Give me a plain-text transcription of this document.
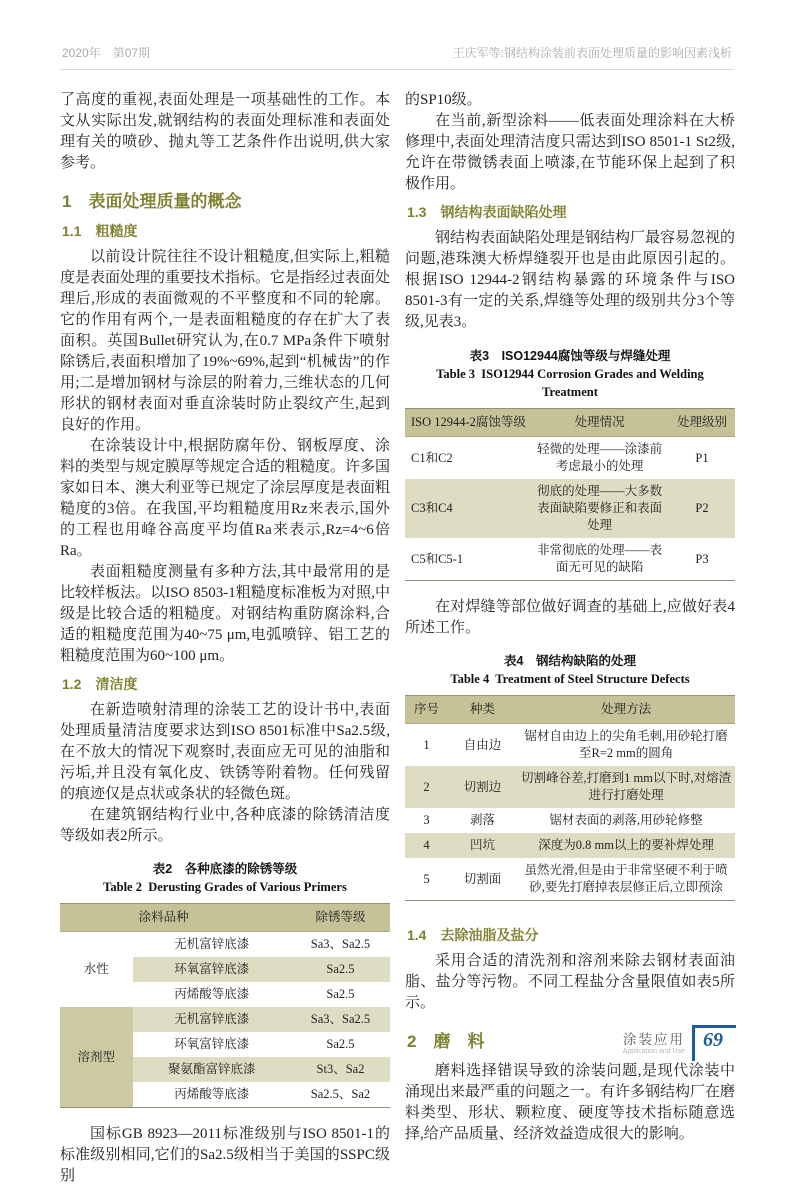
2020年　第07期	王庆军等:钢结构涂装前表面处理质量的影响因素浅析

了高度的重视,表面处理是一项基础性的工作。本文从实际出发,就钢结构的表面处理标准和表面处理有关的喷砂、抛丸等工艺条件作出说明,供大家参考。

1　表面处理质量的概念
1.1　粗糙度

以前设计院往往不设计粗糙度,但实际上,粗糙度是表面处理的重要技术指标。它是指经过表面处理后,形成的表面微观的不平整度和不同的轮廓。它的作用有两个,一是表面粗糙度的存在扩大了表面积。英国Bullet研究认为,在0.7 MPa条件下喷射除锈后,表面积增加了19%~69%,起到“机械齿”的作用;二是增加钢材与涂层的附着力,三维状态的几何形状的钢材表面对垂直涂装时防止裂纹产生,起到良好的作用。

在涂装设计中,根据防腐年份、钢板厚度、涂料的类型与规定膜厚等规定合适的粗糙度。许多国家如日本、澳大利亚等已规定了涂层厚度是表面粗糙度的3倍。在我国,平均粗糙度用Rz来表示,国外的工程也用峰谷高度平均值Ra来表示,Rz=4~6倍Ra。

表面粗糙度测量有多种方法,其中最常用的是比较样板法。以ISO 8503-1粗糙度标准板为对照,中级是比较合适的粗糙度。对钢结构重防腐涂料,合适的粗糙度范围为40~75 μm,电弧喷锌、铝工艺的粗糙度范围为60~100 μm。

1.2　清洁度

在新造喷射清理的涂装工艺的设计书中,表面处理质量清洁度要求达到ISO 8501标准中Sa2.5级,在不放大的情况下观察时,表面应无可见的油脂和污垢,并且没有氧化皮、铁锈等附着物。任何残留的痕迹仅是点状或条状的轻微色斑。

在建筑钢结构行业中,各种底漆的除锈清洁度等级如表2所示。

表2　各种底漆的除锈等级
Table 2  Derusting Grades of Various Primers
	涂料品种	除锈等级
水性	无机富锌底漆	Sa3、Sa2.5
	环氧富锌底漆	Sa2.5
	丙烯酸等底漆	Sa2.5
溶剂型	无机富锌底漆	Sa3、Sa2.5
	环氧富锌底漆	Sa2.5
	聚氨酯富锌底漆	St3、Sa2
	丙烯酸等底漆	Sa2.5、Sa2

国标GB 8923—2011标准级别与ISO 8501-1的标准级别相同,它们的Sa2.5级相当于美国的SSPC级别

的SP10级。

在当前,新型涂料——低表面处理涂料在大桥修理中,表面处理清洁度只需达到ISO 8501-1 St2级,允许在带微锈表面上喷漆,在节能环保上起到了积极作用。

1.3　钢结构表面缺陷处理

钢结构表面缺陷处理是钢结构厂最容易忽视的问题,港珠澳大桥焊缝裂开也是由此原因引起的。根据ISO 12944-2钢结构暴露的环境条件与ISO 8501-3有一定的关系,焊缝等处理的级别共分3个等级,见表3。

表3　ISO12944腐蚀等级与焊缝处理
Table 3  ISO12944 Corrosion Grades and Welding
Treatment
ISO 12944-2腐蚀等级	处理情况	处理级别
C1和C2	轻微的处理——涂漆前考虑最小的处理	P1
C3和C4	彻底的处理——大多数表面缺陷要修正和表面处理	P2
C5和C5-1	非常彻底的处理——表面无可见的缺陷	P3

在对焊缝等部位做好调查的基础上,应做好表4所述工作。

表4　钢结构缺陷的处理
Table 4  Treatment of Steel Structure Defects
序号	种类	处理方法
1	自由边	锯材自由边上的尖角毛刺,用砂轮打磨至R=2 mm的圆角
2	切割边	切割峰谷差,打磨到1 mm以下时,对熔渣进行打磨处理
3	剥落	锯材表面的剥落,用砂轮修整
4	凹坑	深度为0.8 mm以上的要补焊处理
5	切割面	虽然光滑,但是由于非常坚硬不利于喷砂,要先打磨掉表层修正后,立即预涂
1.4　去除油脂及盐分

采用合适的清洗剂和溶剂来除去钢材表面油脂、盐分等污物。不同工程盐分含量限值如表5所示。

2　磨　料

磨料选择错误导致的涂装问题,是现代涂装中涌现出来最严重的问题之一。有许多钢结构厂在磨料类型、形状、颗粒度、硬度等技术指标随意选择,给产品质量、经济效益造成很大的影响。

涂装应用
Application and Use
69
